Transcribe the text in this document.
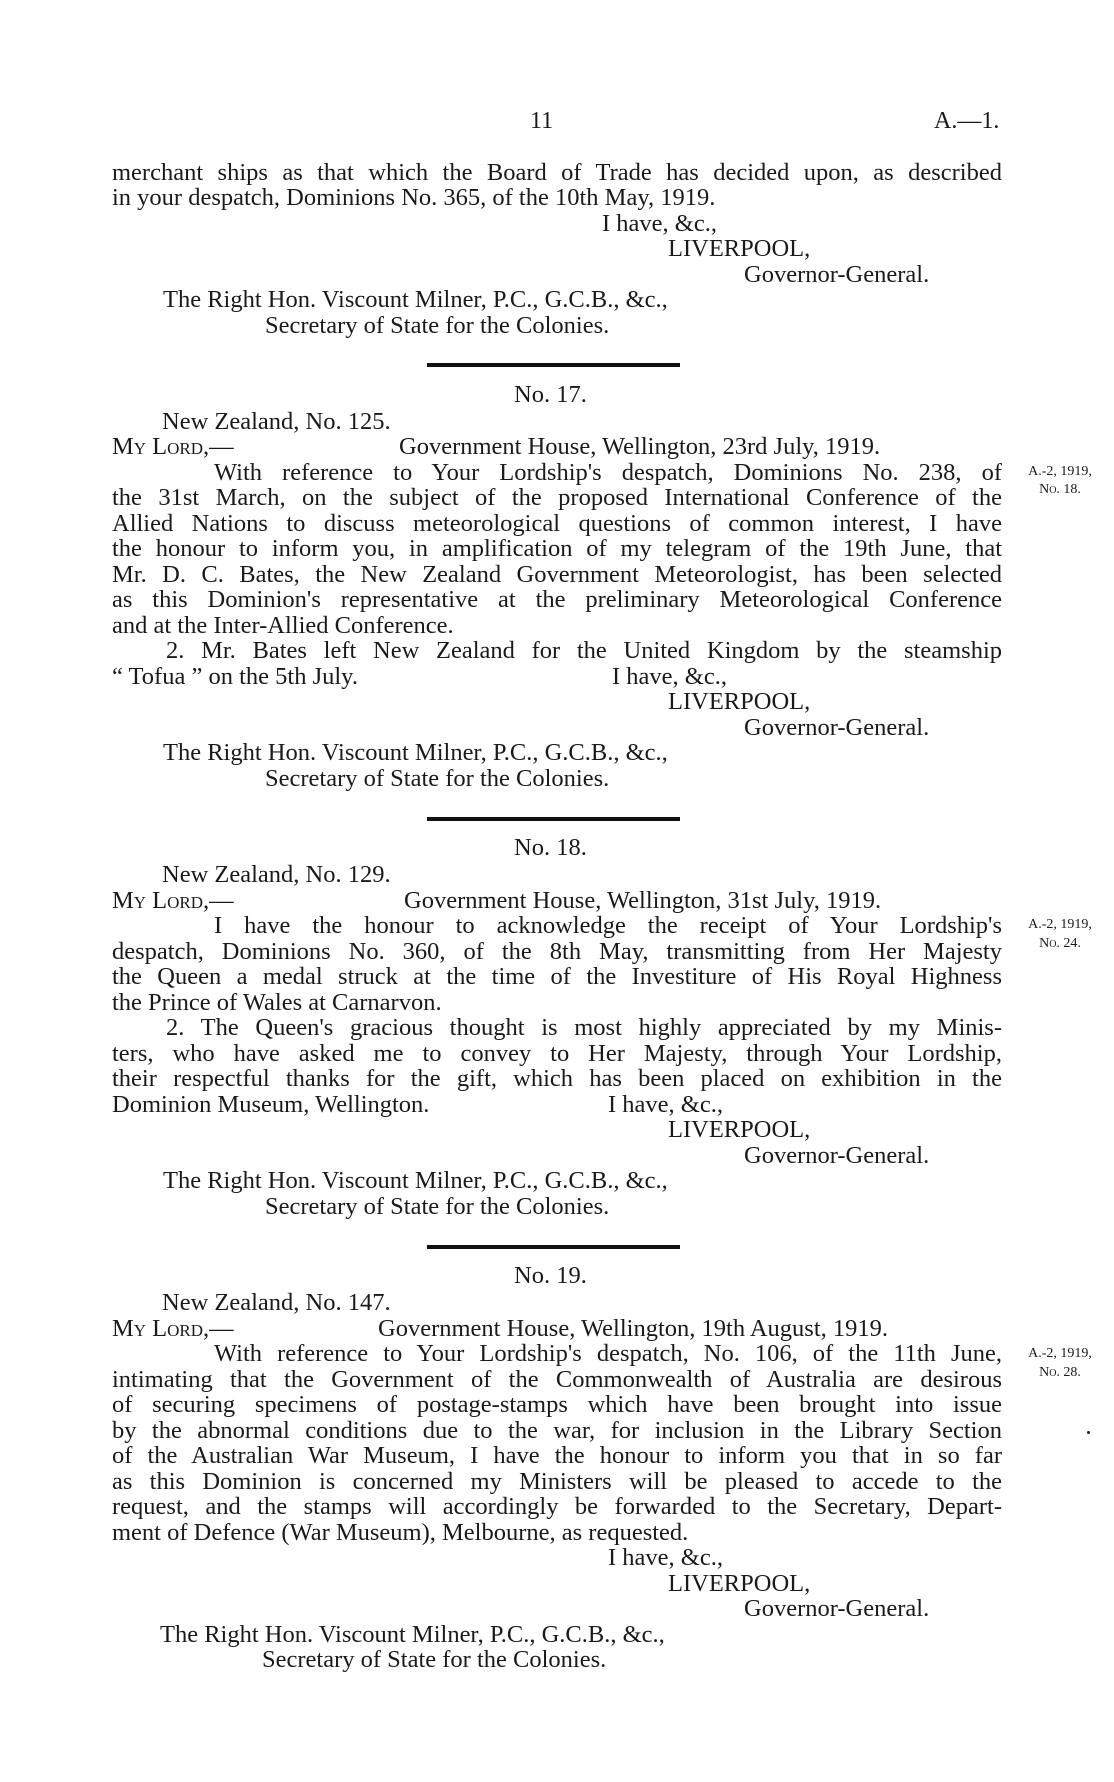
11	A.—1.
merchant ships as that which the Board of Trade has decided upon, as described
in your despatch, Dominions No. 365, of the 10th May, 1919.
I have, &c.,
LIVERPOOL,
Governor-General.
The Right Hon. Viscount Milner, P.C., G.C.B., &c.,
Secretary of State for the Colonies.
No. 17.
New Zealand, No. 125.
My Lord,—	Government House, Wellington, 23rd July, 1919.
With reference to Your Lordship's despatch, Dominions No. 238, of
the 31st March, on the subject of the proposed International Conference of the
Allied Nations to discuss meteorological questions of common interest, I have
the honour to inform you, in amplification of my telegram of the 19th June, that
Mr. D. C. Bates, the New Zealand Government Meteorologist, has been selected
as this Dominion's representative at the preliminary Meteorological Conference
and at the Inter-Allied Conference.
2. Mr. Bates left New Zealand for the United Kingdom by the steamship
“ Tofua ” on the 5th July.	I have, &c.,
LIVERPOOL,
Governor-General.
The Right Hon. Viscount Milner, P.C., G.C.B., &c.,
Secretary of State for the Colonies.
A.-2, 1919,
No. 18.
No. 18.
New Zealand, No. 129.
My Lord,—	Government House, Wellington, 31st July, 1919.
I have the honour to acknowledge the receipt of Your Lordship's
despatch, Dominions No. 360, of the 8th May, transmitting from Her Majesty
the Queen a medal struck at the time of the Investiture of His Royal Highness
the Prince of Wales at Carnarvon.
2. The Queen's gracious thought is most highly appreciated by my Minis-
ters, who have asked me to convey to Her Majesty, through Your Lordship,
their respectful thanks for the gift, which has been placed on exhibition in the
Dominion Museum, Wellington.	I have, &c.,
LIVERPOOL,
Governor-General.
The Right Hon. Viscount Milner, P.C., G.C.B., &c.,
Secretary of State for the Colonies.
A.-2, 1919,
No. 24.
No. 19.
New Zealand, No. 147.
My Lord,—	Government House, Wellington, 19th August, 1919.
With reference to Your Lordship's despatch, No. 106, of the 11th June,
intimating that the Government of the Commonwealth of Australia are desirous
of securing specimens of postage-stamps which have been brought into issue
by the abnormal conditions due to the war, for inclusion in the Library Section
of the Australian War Museum, I have the honour to inform you that in so far
as this Dominion is concerned my Ministers will be pleased to accede to the
request, and the stamps will accordingly be forwarded to the Secretary, Depart-
ment of Defence (War Museum), Melbourne, as requested.
I have, &c.,
LIVERPOOL,
Governor-General.
The Right Hon. Viscount Milner, P.C., G.C.B., &c.,
Secretary of State for the Colonies.
A.-2, 1919,
No. 28.
